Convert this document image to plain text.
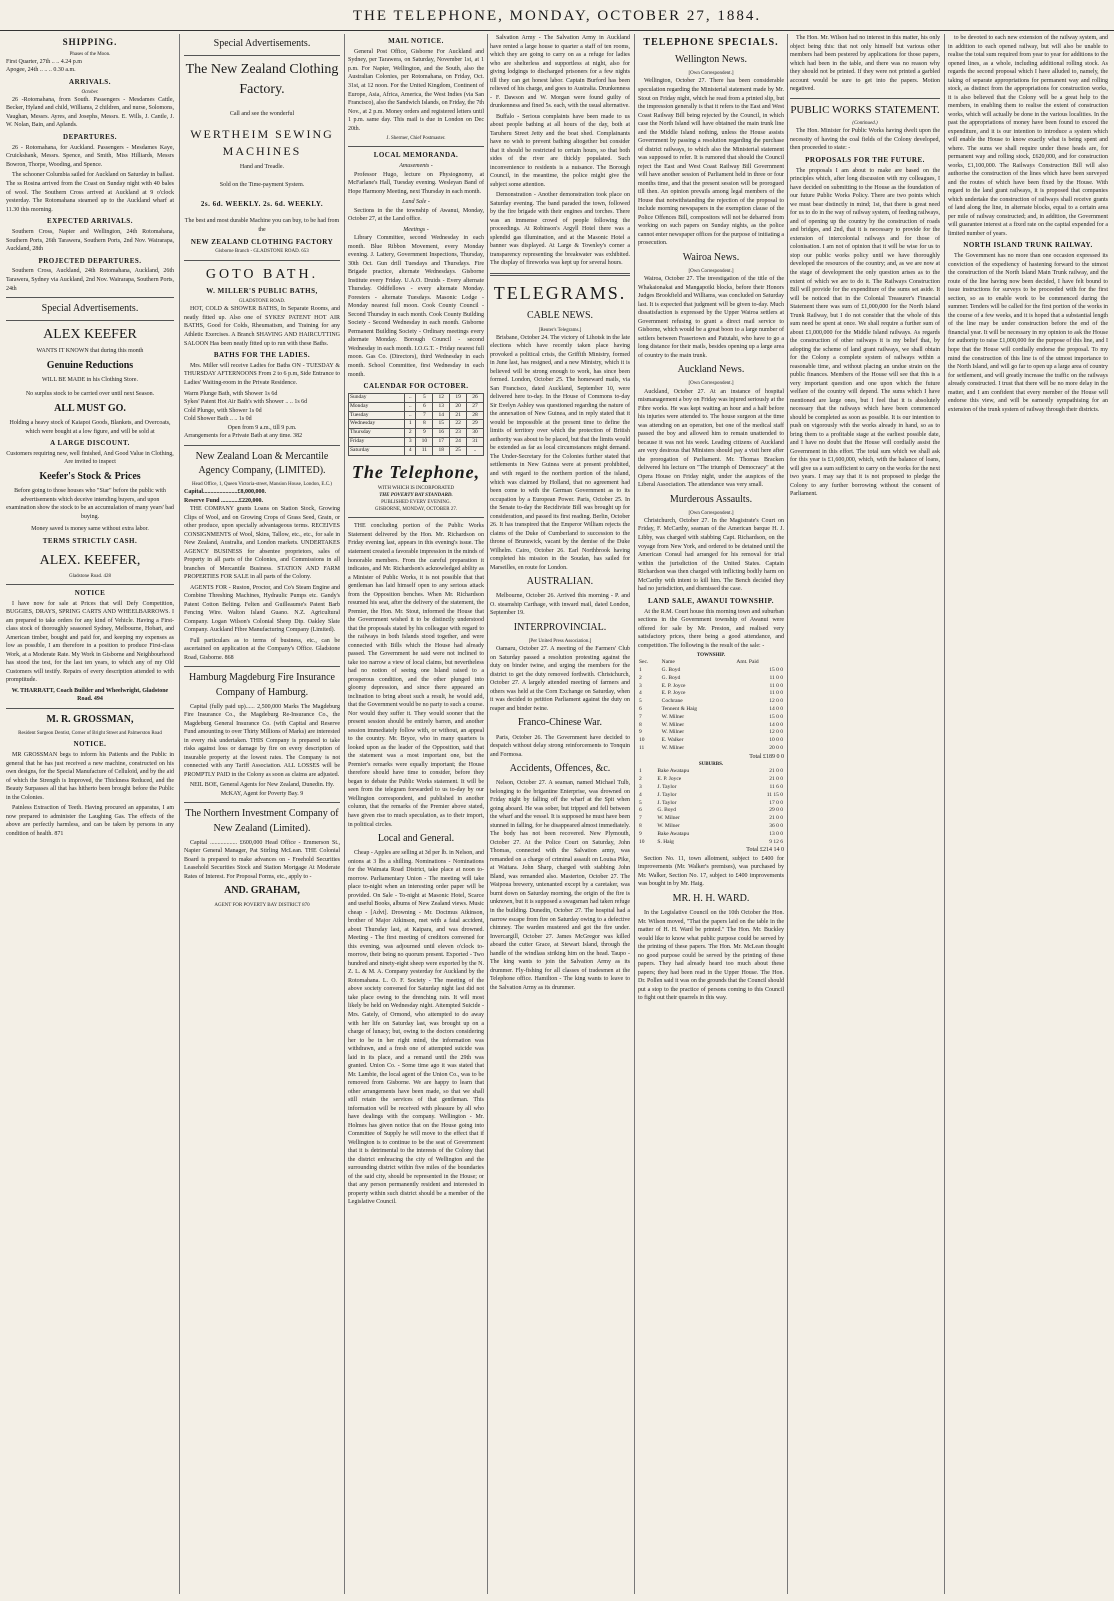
THE TELEPHONE, MONDAY, OCTOBER 27, 1884.
SHIPPING.
Phases of the Moon.
First Quarter, 27th .. .. 4.24 p.m
Apogee, 24th .. .. .. 0.30 a.m.
ARRIVALS.
October.
26 -Rotomahana, from South. Passengers - Mesdames Cattle, Becker, Hyland and child, Williams, 2 children, and nurse, Solomons, Vaughan, Messrs. Ayres, and Josephs, Messrs. E. Wills, J. Cantle, J. W. Nolan, Bain, and Aplands.
DEPARTURES.
26 - Rotomahana, for Auckland. Passengers - Mesdames Kaye, Cruickshank, Messrs. Spence, and Smith, Miss Hilliards, Messrs Bowron, Thorpe, Wooding, and Spence.
The schooner Columbia sailed for Auckland on Saturday in ballast. The ss Rosina arrived from the Coast on Sunday night with 40 bales of wool. The Southern Cross arrived at Auckland at 9 o'clock yesterday. The Rotomahana steamed up to the Auckland wharf at 11.30 this morning.
EXPECTED ARRIVALS.
Southern Cross, Napier and Wellington, 24th Rotomahana, Southern Ports, 26th Tarawera, Southern Ports, 2nd Nov. Wairarapa, Auckland, 28th
PROJECTED DEPARTURES.
Southern Cross, Auckland, 24th Rotomahana, Auckland, 26th Tarawera, Sydney via Auckland, 2nd Nov. Wairarapa, Southern Ports, 24th
Special Advertisements.
ALEX KEEFER
WANTS IT KNOWN that during this month
Genuine Reductions
WILL BE MADE in his Clothing Store.
No surplus stock to be carried over until next Season.
ALL MUST GO.
Holding a heavy stock of Kaiapoi Goods, Blankets, and Overcoats, which were bought at a low figure, and will be sold at
A LARGE DISCOUNT.
Customers requiring new, well finished, And Good Value in Clothing, Are invited to inspect
Keefer's Stock & Prices
Before going to those houses who "Star" before the public with advertisements which deceive intending buyers, and upon examination show the stock to be an accumulation of many years' bad buying.
Money saved is money same without extra labor.
TERMS STRICTLY CASH.
ALEX. KEEFER,
Gladstone Road. 428
NOTICE
I have now for sale at Prices that will Defy Competition, BUGGIES, DRAYS, SPRING CARTS AND WHEELBARROWS. I am prepared to take orders for any kind of Vehicle. Having a First-class stock of thoroughly seasoned Sydney, Melbourne, Hobart, and American timber, bought and paid for, and keeping my expenses as low as possible, I am therefore in a position to produce First-class Work, at a Moderate Rate. My Work in Gisborne and Neighbourhood has stood the test, for the last ten years, to which any of my Old Customers will testify. Repairs of every description attended to with promptitude.
W. THARRATT, Coach Builder and Wheelwright, Gladstone Road. 494
M. R. GROSSMAN,
Resident Surgeon Dentist, Corner of Bright Street and Palmerston Road
NOTICE.
MR GROSSMAN begs to inform his Patients and the Public in general that he has just received a new machine, constructed on his own designs, for the Special Manufacture of Celluloid, and by the aid of which the Strength is Improved, the Thickness Reduced, and the Beauty Surpasses all that has hitherto been brought before the Public in the Colonies.
Painless Extraction of Teeth. Having procured an apparatus, I am now prepared to administer the Laughing Gas. The effects of the above are perfectly harmless, and can be taken by persons in any condition of health. 871
Special Advertisements.
The New Zealand Clothing Factory.
Call and see the wonderful
WERTHEIM SEWING MACHINES
Hand and Treadle.
Sold on the Time-payment System.
2s. 6d. WEEKLY. 2s. 6d. WEEKLY.
The best and most durable Machine you can buy, to be had from the
NEW ZEALAND CLOTHING FACTORY
Gisborne Branch - GLADSTONE ROAD. 653
GOTO BATH.
W. MILLER'S PUBLIC BATHS,
GLADSTONE ROAD.
HOT, COLD & SHOWER BATHS, In Separate Rooms, and neatly fitted up. Also one of SYKES' PATENT HOT AIR BATHS, Good for Colds, Rheumatism, and Training for any Athletic Exercises. A Branch SHAVING AND HAIRCUTTING SALOON Has been neatly fitted up to run with these Baths.
BATHS FOR THE LADIES.
Mrs. Miller will receive Ladies for Baths ON - TUESDAY & THURSDAY AFTERNOONS From 2 to 6 p.m, Side Entrance to Ladies' Waiting-room in the Private Residence.
Warm Plunge Bath, with Shower 1s 6d
Sykes' Patent Hot Air Bath's with Shower .. .. 1s 6d
Cold Plunge, with Shower 1s 0d
Cold Shower Bath .. .. 1s 0d
Open from 9 a.m., till 9 p.m.
Arrangements for a Private Bath at any time. 382
New Zealand Loan & Mercantile Agency Company, (LIMITED).
Head Office, 1, Queen Victoria-street, Mansion House, London, E.C.)
Capital.......................£8,000,000.
Reserve Fund ............£220,000.
THE COMPANY grants Loans on Station Stock, Growing Clips of Wool, and on Growing Crops of Grass Seed, Grain, or other produce, upon specially advantageous terms. RECEIVES CONSIGNMENTS of Wool, Skins, Tallow, etc., etc., for sale in New Zealand, Australia, and London markets. UNDERTAKES AGENCY BUSINESS for absentee proprietors, sales of Property in all parts of the Colonies, and Commissions in all branches of Mercantile Business. STATION AND FARM PROPERTIES FOR SALE in all parts of the Colony.
AGENTS FOR - Ruston, Proctor, and Co's Steam Engine and Combine Threshing Machines, Hydraulic Pumps etc. Gandy's Patent Cotton Belting. Felten and Guilleaume's Patent Barb Fencing Wire. Walton Island Guano. N.Z. Agricultural Company. Logan Wilson's Colonial Sheep Dip. Oakley Slate Company. Auckland Fibre Manufacturing Company (Limited).
Full particulars as to terms of business, etc., can be ascertained on application at the Company's Office. Gladstone Road, Gisborne. 868
Hamburg Magdeburg Fire Insurance Company of Hamburg.
Capital (fully paid up)...... 2,500,000 Marks The Magdeburg Fire Insurance Co., the Magdeburg Re-Insurance Co., the Magdeburg General Insurance Co. (with Capital and Reserve Fund amounting to over Thirty Millions of Marks) are interested in every risk undertaken. THIS Company is prepared to take risks against loss or damage by fire on every description of insurable property at the lowest rates. The Company is not connected with any Tariff Association. ALL LOSSES will be PROMPTLY PAID in the Colony as soon as claims are adjusted.
NEIL BOE, General Agents for New Zealand, Dunedin. Hy. McKAY, Agent for Poverty Bay. 9
The Northern Investment Company of New Zealand (Limited).
Capital .................. £600,000 Head Office - Emmerson St., Napier General Manager, Pat Stirling McLean. THE Colonial Board is prepared to make advances on - Freehold Securities Leasehold Securities Stock and Station Mortgage At Moderate Rates of Interest. For Proposal Forms, etc., apply to -
AND. GRAHAM,
AGENT FOR POVERTY BAY DISTRICT 870
MAIL NOTICE.
General Post Office, Gisborne For Auckland and Sydney, per Tarawera, on Saturday, November 1st, at 1 p.m. For Napier, Wellington, and the South, also the Australian Colonies, per Rotomahana, on Friday, Oct. 31st, at 12 noon. For the United Kingdom, Continent of Europe, Asia, Africa, America, the West Indies (via San Francisco), also the Sandwich Islands, on Friday, the 7th Nov., at 2 p.m. Money orders and registered letters until 1 p.m. same day. This mail is due in London on Dec 20th.
J. Shermer, Chief Postmaster.
LOCAL MEMORANDA.
Amusements -
Professor Hugo, lecture on Physiognomy, at McFarlane's Hall, Tuesday evening. Wesleyan Band of Hope Harmony Meeting, next Thursday in each month.
Land Sale -
Sections in the the township of Awanui, Monday, October 27, at the Land office.
Meetings -
Library Committee, second Wednesday in each month. Blue Ribbon Movement, every Monday evening. J. Lattery, Government Inspections, Thursday, 30th Oct. Gun drill Tuesdays and Thursdays. Fire Brigade practice, alternate Wednesdays. Gisborne Institute every Friday. U.A.O. Druids - Every alternate Thursday. Oddfellows - every alternate Monday. Foresters - alternate Tuesdays. Masonic Lodge - Monday nearest full moon. Cook County Council - Second Thursday in each month. Cook County Building Society - Second Wednesday in each month. Gisborne Permanent Building Society - Ordinary meetings every alternate Monday. Borough Council - second Wednesday in each month. I.O.G.T. - Friday nearest full moon. Gas Co. (Directors), third Wednesday in each month. School Committee, first Wednesday in each month.
CALENDAR FOR OCTOBER.
Sunday	..	5	12	19	26
Monday	..	6	13	20	27
Tuesday	..	7	14	21	28
Wednesday	1	8	15	22	29
Thursday	2	9	16	23	30
Friday	3	10	17	24	31
Saturday	4	11	18	25	..
The Telephone,
WITH WHICH IS INCORPORATED
THE POVERTY BAY STANDARD.
PUBLISHED EVERY EVENING.
GISBORNE, MONDAY, OCTOBER 27.
THE concluding portion of the Public Works Statement delivered by the Hon. Mr. Richardson on Friday evening last, appears in this evening's issue. The statement created a favorable impression in the minds of honorable members. From the careful preparation it indicates, and Mr. Richardson's acknowledged ability as a Minister of Public Works, it is not possible that that gentleman has laid himself open to any serious attack from the Opposition benches. When Mr. Richardson resumed his seat, after the delivery of the statement, the Premier, the Hon. Mr. Stout, informed the House that the Government wished it to be distinctly understood that the proposals stated by his colleague with regard to the railways in both Islands stood together, and were connected with Bills which the House had already passed. The Government he said were not inclined to take too narrow a view of local claims, but nevertheless had no notion of seeing one Island raised to a prosperous condition, and the other plunged into gloomy depression, and since there appeared an inclination to bring about such a result, he would add, that the Government would be no party to such a course. Nor would they suffer it. They would sooner that the present session should be entirely barren, and another session immediately follow with, or without, an appeal to the country. Mr. Bryce, who in many quarters is looked upon as the leader of the Opposition, said that the statement was a most important one, but the Premier's remarks were equally important; the House therefore should have time to consider, before they began to debate the Public Works statement. It will be seen from the telegram forwarded to us to-day by our Wellington correspondent, and published in another column, that the remarks of the Premier above stated, have given rise to much speculation, as to their import, in political circles.
Local and General.
Cheap - Apples are selling at 3d per lb. in Nelson, and onions at 3 lbs a shilling. Nominations - Nominations for the Waimata Road District, take place at noon to-morrow. Parliamentary Union - The meeting will take place to-night when an interesting order paper will be provided. On Sale - To-night at Masonic Hotel, Scarce and useful Books, albums of New Zealand views. Music cheap - [Advt]. Drowning - Mr. Docimus Atkinson, brother of Major Atkinson, met with a fatal accident, about Thursday last, at Kaipara, and was drowned. Meeting - The first meeting of creditors convened for this evening, was adjourned until eleven o'clock to-morrow, their being no quorum present. Exported - Two hundred and ninety-eight sheep were exported by the N. Z. L. & M. A. Company yesterday for Auckland by the Rotomahana. L. O. F. Society - The meeting of the above society convened for Saturday night last did not take place owing to the drenching rain. It will most likely be held on Wednesday night. Attempted Suicide - Mrs. Gately, of Ormond, who attempted to do away with her life on Saturday last, was brought up on a charge of lunacy; but, owing to the doctors considering her to be in her right mind, the information was withdrawn, and a fresh one of attempted suicide was laid in its place, and a remand until the 29th was granted. Union Co. - Some time ago it was stated that Mr. Lambie, the local agent of the Union Co., was to be removed from Gisborne. We are happy to learn that other arrangements have been made, so that we shall still retain the services of that gentleman. This information will be received with pleasure by all who have dealings with the company. Wellington - Mr. Holmes has given notice that on the House going into Committee of Supply he will move to the effect that if Wellington is to continue to be the seat of Government that it is detrimental to the interests of the Colony that the district embracing the city of Wellington and the surrounding district within five miles of the boundaries of the said city, should be represented in the House; or that any person permanently resident and interested in property within such district should be a member of the Legislative Council.
Salvation Army - The Salvation Army in Auckland have rented a large house to quarter a staff of ten rooms, which they are going to carry on as a refuge for ladies who are shelterless and supportless at night, also for giving lodgings to discharged prisoners for a few nights till they can get honest labor. Captain Burford has been relieved of his charge, and goes to Australia. Drunkenness - F. Dawson and W. Morgan were found guilty of drunkenness and fined 5s. each, with the usual alternative.
Buffalo - Serious complaints have been made to us about people bathing at all hours of the day, both at Taruheru Street Jetty and the boat shed. Complainants have no wish to prevent bathing altogether but consider that it should be restricted to certain hours, so that both sides of the river are thickly populated. Such inconvenience to residents is a nuisance. The Borough Council, in the meantime, the police might give the subject some attention.
Demonstration - Another demonstration took place on Saturday evening. The band paraded the town, followed by the fire brigade with their engines and torches. There was an immense crowd of people following the proceedings. At Robinson's Argyll Hotel there was a splendid gas illumination, and at the Masonic Hotel a banner was displayed. At Large & Townley's corner a transparency representing the breakwater was exhibited. The display of fireworks was kept up for several hours.
TELEGRAMS.
CABLE NEWS.
[Reuter's Telegrams.]
Brisbane, October 24. The victory of Lihotsk in the late elections which have recently taken place having provoked a political crisis, the Griffith Ministry, formed in June last, has resigned, and a new Ministry, which it is believed will be strong enough to work, has since been formed. London, October 25. The homeward mails, via San Francisco, dated Auckland, September 10, were delivered here to-day. In the House of Commons to-day Sir Evelyn Ashley was questioned regarding the nature of the annexation of New Guinea, and in reply stated that it would be impossible at the present time to define the limits of territory over which the protection of British authority was about to be placed, but that the limits would be extended as far as local circumstances might demand. The Under-Secretary for the Colonies further stated that settlements in New Guinea were at present prohibited, and with regard to the northern portion of the island, which was claimed by Holland, that no agreement had been come to with the German Government as to its occupation by a European Power. Paris, October 25. In the Senate to-day the Recidiviste Bill was brought up for consideration, and passed its first reading. Berlin, October 26. It has transpired that the Emperor William rejects the claims of the Duke of Cumberland to succession to the throne of Brunswick, vacant by the demise of the Duke Wilhelm. Cairo, October 26. Earl Northbrook having completed his mission in the Soudan, has sailed for Marseilles, en route for London.
AUSTRALIAN.
Melbourne, October 26. Arrived this morning - P. and O. steamship Carthage, with inward mail, dated London, September 19.
INTERPROVINCIAL.
[Per United Press Association.]
Oamaru, October 27. A meeting of the Farmers' Club on Saturday passed a resolution protesting against the duty on binder twine, and urging the members for the district to get the duty removed forthwith. Christchurch, October 27. A largely attended meeting of farmers and others was held at the Corn Exchange on Saturday, when it was decided to petition Parliament against the duty on reaper and binder twine.
Franco-Chinese War.
Paris, October 26. The Government have decided to despatch without delay strong reinforcements to Tonquin and Formosa.
Accidents, Offences, &c.
Nelson, October 27. A seaman, named Michael Tulb, belonging to the brigantine Enterprise, was drowned on Friday night by falling off the wharf at the Spit when going aboard. He was sober, but tripped and fell between the wharf and the vessel. It is supposed he must have been stunned in falling, for he disappeared almost immediately. The body has not been recovered. New Plymouth, October 27. At the Police Court on Saturday, John Thomas, connected with the Salvation army, was remanded on a charge of criminal assault on Louisa Pike, at Waitara. John Sharp, charged with stabbing John Bland, was remanded also. Masterton, October 27. The Waipoua brewery, untenanted except by a caretaker, was burnt down on Saturday morning, the origin of the fire is unknown, but it is supposed a swagsman had taken refuge in the building. Dunedin, October 27. The hospital had a narrow escape from fire on Saturday owing to a defective chimney. The warden mustered and got the fire under. Invercargill, October 27. James McGregor was killed aboard the cutter Grace, at Stewart Island, through the handle of the windlass striking him on the head. Taupo - The king wants to join the Salvation Army as its drummer. Fly-fishing for all classes of tradesmen at the Telephone office. Hamilton - The king wants to leave to the Salvation Army as its drummer.
TELEPHONE SPECIALS.
Wellington News.
[Own Correspondent.]
Wellington, October 27. There has been considerable speculation regarding the Ministerial statement made by Mr. Stout on Friday night, which he read from a printed slip, but the impression generally is that it refers to the East and West Coast Railway Bill being rejected by the Council, in which case the North Island will have obtained the main trunk line and the Middle Island nothing, unless the House assists Government by passing a resolution regarding the purchase of district railways, to which also the Ministerial statement was supposed to refer. It is rumored that should the Council reject the East and West Coast Railway Bill Government will have another session of Parliament held in three or four months time, and that the present session will be prorogued till then. An opinion prevails among legal members of the House that notwithstanding the rejection of the proposal to include morning newspapers in the exemption clause of the Police Offences Bill, compositors will not be debarred from working on such papers on Sunday nights, as the police cannot enter newspaper offices for the purpose of initiating a prosecution.
Wairoa News.
[Own Correspondent.]
Wairoa, October 27. The investigation of the title of the Whakaionakai and Mangapoiki blocks, before their Honors Judges Brookfield and Williams, was concluded on Saturday last. It is expected that judgment will be given to-day. Much dissatisfaction is expressed by the Upper Wairoa settlers at Government refusing to grant a direct mail service to Gisborne, which would be a great boon to a large number of settlers between Frasertown and Patutahi, who have to go a long distance for their mails, besides opening up a large area of country to the main trunk.
Auckland News.
[Own Correspondent.]
Auckland, October 27. At an instance of hospital mismanagement a boy on Friday was injured seriously at the Fibre works. He was kept waiting an hour and a half before his injuries were attended to. The house surgeon at the time was attending on an operation, but one of the medical staff passed the boy and allowed him to remain unattended to because it was not his week. Leading citizens of Auckland are very desirous that Ministers should pay a visit here after the prorogation of Parliament. Mr. Thomas Bracken delivered his lecture on "The triumph of Democracy" at the Opera House on Friday night, under the auspices of the Liberal Association. The attendance was very small.
Murderous Assaults.
[Own Correspondent.]
Christchurch, October 27. In the Magistrate's Court on Friday, F. McCarthy, seaman of the American barque H. J. Libby, was charged with stabbing Capt. Richardson, on the voyage from New York, and ordered to be detained until the American Consul had arranged for his removal for trial within the jurisdiction of the United States. Captain Richardson was then charged with inflicting bodily harm on McCarthy with intent to kill him. The Bench decided they had no jurisdiction, and dismissed the case.
LAND SALE, AWANUI TOWNSHIP.
At the R.M. Court house this morning town and suburban sections in the Government township of Awanui were offered for sale by Mr. Preston, and realised very satisfactory prices, there being a good attendance, and competition. The following is the result of the sale: -
TOWNSHIP.
Sec.	Name	Amt. Paid
1	G. Boyd	15 0 0
2	G. Boyd	11 0 0
3	E. P. Joyce	11 0 0
4	E. P. Joyce	11 0 0
5	Cochrane	12 0 0
6	Tennent & Haig	14 0 0
7	W. Milner	15 0 0
8	W. Milner	14 0 0
9	W. Milner	12 0 0
10	E. Walker	10 0 0
11	W. Milner	20 0 0
Total £189 0 0
SUBURBS.
1	Bake Awatapu	21 0 0
2	E. P. Joyce	21 0 0
3	J. Taylor	11 6 0
4	J. Taylor	11 15 0
5	J. Taylor	17 0 0
6	G. Boyd	29 0 0
7	W. Milner	21 0 0
8	W. Milner	36 0 0
9	Bake Awatapu	13 0 0
10	S. Haig	9 12 6
Total £214 14 0
Section No. 11, town allotment, subject to £400 for improvements (Mr. Walker's premises), was purchased by Mr. Walker, Section No. 17, subject to £400 improvements was bought in by Mr. Haig.
MR. H. H. WARD.
In the Legislative Council on the 10th October the Hon. Mr. Wilson moved, "That the papers laid on the table in the matter of H. H. Ward be printed." The Hon. Mr. Buckley would like to know what public purpose could be served by the printing of these papers. The Hon. Mr. McLean thought no good purpose could be served by the printing of these papers. They had already heard too much about these papers; they had been read in the Upper House. The Hon. Dr. Pollen said it was on the grounds that the Council should put a stop to the practice of persons coming to this Council to fight out their quarrels in this way.
The Hon. Mr. Wilson had no interest in this matter, his only object being this: that not only himself but various other members had been pestered by applications for those papers, which had been in the table, and there was no reason why they should not be printed. If they were not printed a garbled account would be sure to get into the papers. Motion negatived.
PUBLIC WORKS STATEMENT.
(Continued.)
The Hon. Minister for Public Works having dwelt upon the necessity of having the coal fields of the Colony developed, then proceeded to state: -
PROPOSALS FOR THE FUTURE.
The proposals I am about to make are based on the principles which, after long discussion with my colleagues, I have decided on submitting to the House as the foundation of our future Public Works Policy. There are two points which we must bear distinctly in mind; 1st, that there is great need for us to do in the way of railway system, of feeding railways, and of opening up the country by the construction of roads and bridges, and 2nd, that it is necessary to provide for the extension of intercolonial railways and for those of colonisation. I am not of opinion that it will be wise for us to stop our public works policy until we have thoroughly developed the resources of the country; and, as we are now at the stage of development the only question arises as to the extent of which we are to do it. The Railways Construction Bill will provide for the expenditure of the sums set aside. It will be noticed that in the Colonial Treasurer's Financial Statement there was sum of £1,000,000 for the North Island Trunk Railway, but I do not consider that the whole of this sum need be spent at once. We shall require a further sum of about £1,000,000 for the Middle Island railways. As regards the construction of other railways it is my belief that, by adopting the scheme of land grant railways, we shall obtain for the Colony a complete system of railways within a reasonable time, and without placing an undue strain on the public finances. Members of the House will see that this is a very important question and one upon which the future welfare of the country will depend. The sums which I have mentioned are large ones, but I feel that it is absolutely necessary that the railways which have been commenced should be completed as soon as possible. It is our intention to push on vigorously with the works already in hand, so as to bring them to a profitable stage at the earliest possible date, and I have no doubt that the House will cordially assist the Government in this effort. The total sum which we shall ask for this year is £1,600,000, which, with the balance of loans, will give us a sum sufficient to carry on the works for the next two years. I may say that it is not proposed to pledge the Colony to any further borrowing without the consent of Parliament.
to be devoted to each new extension of the railway system, and in addition to each opened railway, but will also be unable to realise the total sum required from year to year for additions to the opened lines, as a whole, including additional rolling stock. As regards the second proposal which I have alluded to, namely, the taking of separate appropriations for permanent way and rolling stock, as distinct from the appropriations for construction works, it is also believed that the Colony will be a great help to the members, in enabling them to realise the extent of construction works, which will actually be done in the various localities. In the past the appropriations of money have been found to exceed the expenditure, and it is our intention to introduce a system which will enable the House to know exactly what is being spent and where. The sums we shall require under these heads are, for permanent way and rolling stock, £620,000, and for construction works, £1,100,000. The Railways Construction Bill will also authorise the construction of the lines which have been surveyed and the routes of which have been fixed by the House. With regard to the land grant railways, it is proposed that companies which undertake the construction of railways shall receive grants of land along the line, in alternate blocks, equal to a certain area per mile of railway constructed; and, in addition, the Government will guarantee interest at a fixed rate on the capital expended for a limited number of years.
NORTH ISLAND TRUNK RAILWAY.
The Government has no more than one occasion expressed its conviction of the expediency of hastening forward to the utmost the construction of the North Island Main Trunk railway, and the route of the line having now been decided, I have felt bound to issue instructions for surveys to be proceeded with for the first section, so as to enable work to be commenced during the summer. Tenders will be called for the first portion of the works in the course of a few weeks, and it is hoped that a substantial length of the line may be under construction before the end of the financial year. It will be necessary in my opinion to ask the House for authority to raise £1,000,000 for the purpose of this line, and I hope that the House will cordially endorse the proposal. To my mind the construction of this line is of the utmost importance to the North Island, and will go far to open up a large area of country for settlement, and will greatly increase the traffic on the railways already constructed. I trust that there will be no more delay in the matter, and I am confident that every member of the House will endorse this view, and will be earnestly sympathising for an extension of the trunk system of railway through their districts.
